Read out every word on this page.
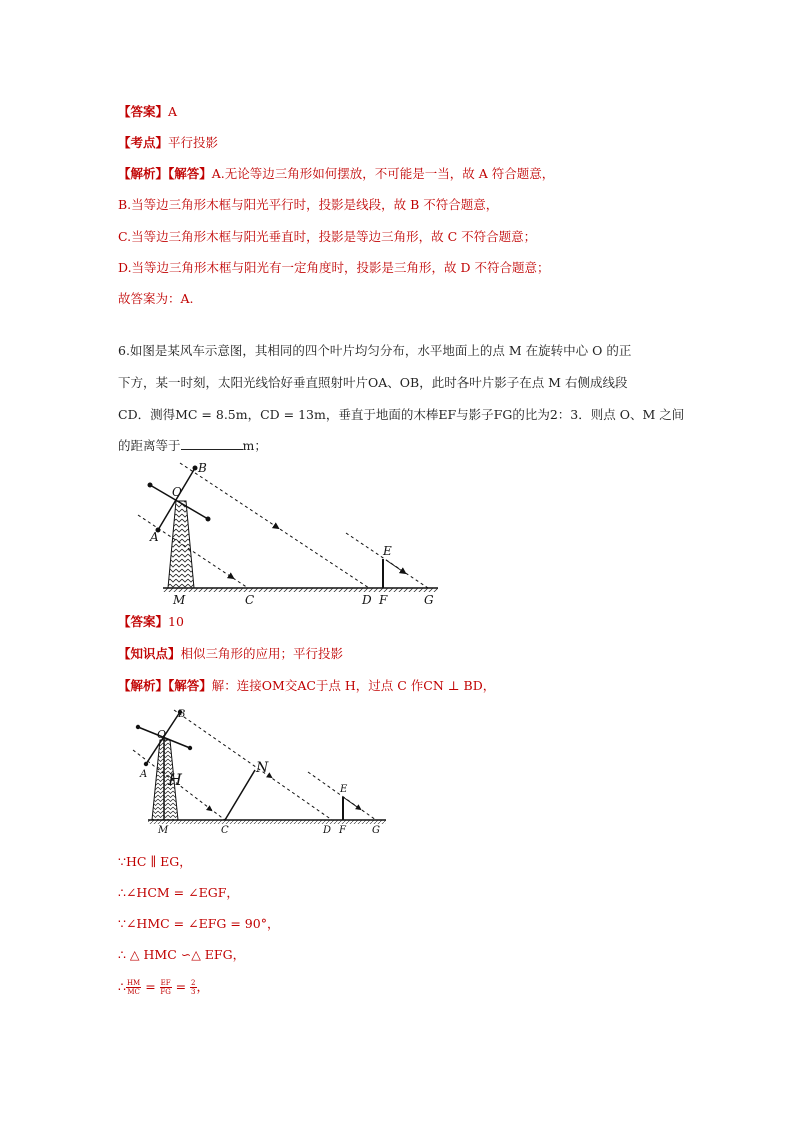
【答案】A
【考点】平行投影
【解析】【解答】A.无论等边三角形如何摆放，不可能是一当，故 A 符合题意，
B.当等边三角形木框与阳光平行时，投影是线段，故 B 不符合题意，
C.当等边三角形木框与阳光垂直时，投影是等边三角形，故 C 不符合题意；
D.当等边三角形木框与阳光有一定角度时，投影是三角形，故 D 不符合题意；
故答案为：A.
6.如图是某风车示意图，其相同的四个叶片均匀分布，水平地面上的点 M 在旋转中心 O 的正
下方，某一时刻，太阳光线恰好垂直照射叶片OA、OB，此时各叶片影子在点 M 右侧成线段
CD．测得MC = 8.5m，CD = 13m，垂直于地面的木棒EF与影子FG的比为2：3．则点 O、M 之间
的距离等于	m；
B
O
A
E
M	C	D F	G
【答案】10
【知识点】相似三角形的应用；平行投影
【解析】【解答】解：连接OM交AC于点 H，过点 C 作CN ⊥ BD，
B
O
A H
N
E
M	C	D F	G
∵HC ∥ EG，
∴∠HCM = ∠EGF，
∵∠HMC = ∠EFG = 90°，
∴ △ HMC ∽△ EFG，
∴ $\frac{HM}{MC} = \frac{EF}{FG} = \frac{2}{3}$ ，
